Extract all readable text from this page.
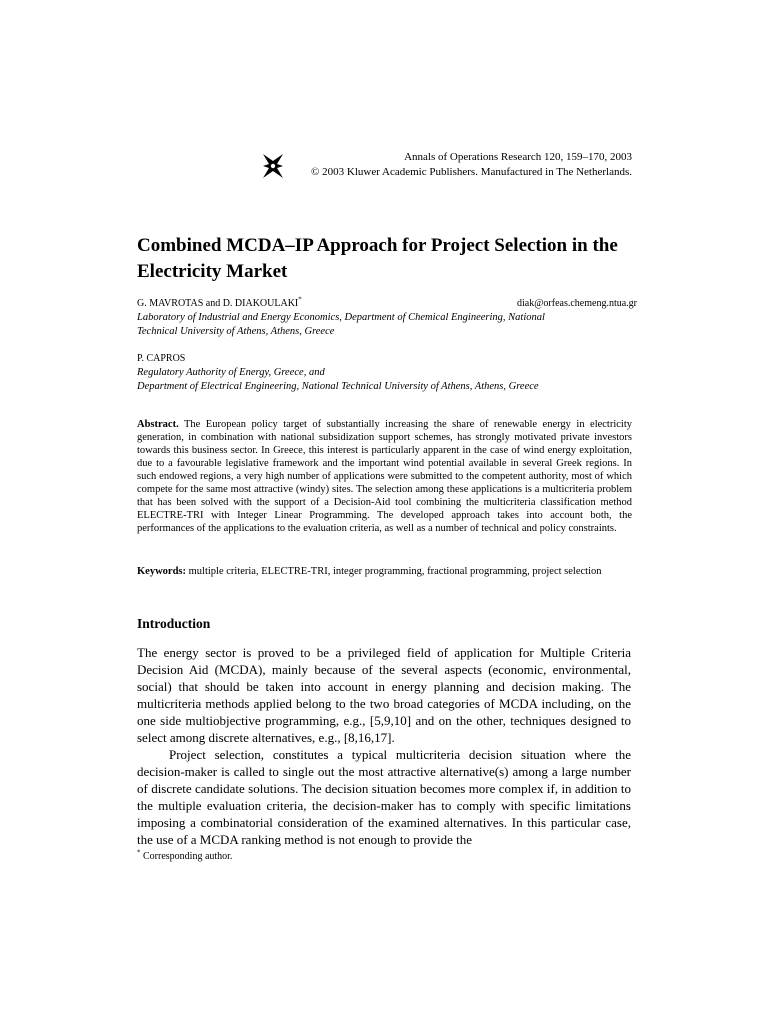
Annals of Operations Research 120, 159–170, 2003
© 2003 Kluwer Academic Publishers. Manufactured in The Netherlands.
Combined MCDA–IP Approach for Project Selection in the Electricity Market
G. MAVROTAS and D. DIAKOULAKI*	diak@orfeas.chemeng.ntua.gr
Laboratory of Industrial and Energy Economics, Department of Chemical Engineering, National
Technical University of Athens, Athens, Greece
P. CAPROS
Regulatory Authority of Energy, Greece, and
Department of Electrical Engineering, National Technical University of Athens, Athens, Greece

Abstract. The European policy target of substantially increasing the share of renewable energy in electricity generation, in combination with national subsidization support schemes, has strongly motivated private investors towards this business sector. In Greece, this interest is particularly apparent in the case of wind energy exploitation, due to a favourable legislative framework and the important wind potential available in several Greek regions. In such endowed regions, a very high number of applications were submitted to the competent authority, most of which compete for the same most attractive (windy) sites. The selection among these applications is a multicriteria problem that has been solved with the support of a Decision-Aid tool combining the multicriteria classification method ELECTRE-TRI with Integer Linear Programming. The developed approach takes into account both, the performances of the applications to the evaluation criteria, as well as a number of technical and policy constraints.

Keywords: multiple criteria, ELECTRE-TRI, integer programming, fractional programming, project selection

Introduction

The energy sector is proved to be a privileged field of application for Multiple Criteria Decision Aid (MCDA), mainly because of the several aspects (economic, environmental, social) that should be taken into account in energy planning and decision making. The multicriteria methods applied belong to the two broad categories of MCDA including, on the one side multiobjective programming, e.g., [5,9,10] and on the other, techniques designed to select among discrete alternatives, e.g., [8,16,17].

Project selection, constitutes a typical multicriteria decision situation where the decision-maker is called to single out the most attractive alternative(s) among a large number of discrete candidate solutions. The decision situation becomes more complex if, in addition to the multiple evaluation criteria, the decision-maker has to comply with specific limitations imposing a combinatorial consideration of the examined alternatives. In this particular case, the use of a MCDA ranking method is not enough to provide the

* Corresponding author.
